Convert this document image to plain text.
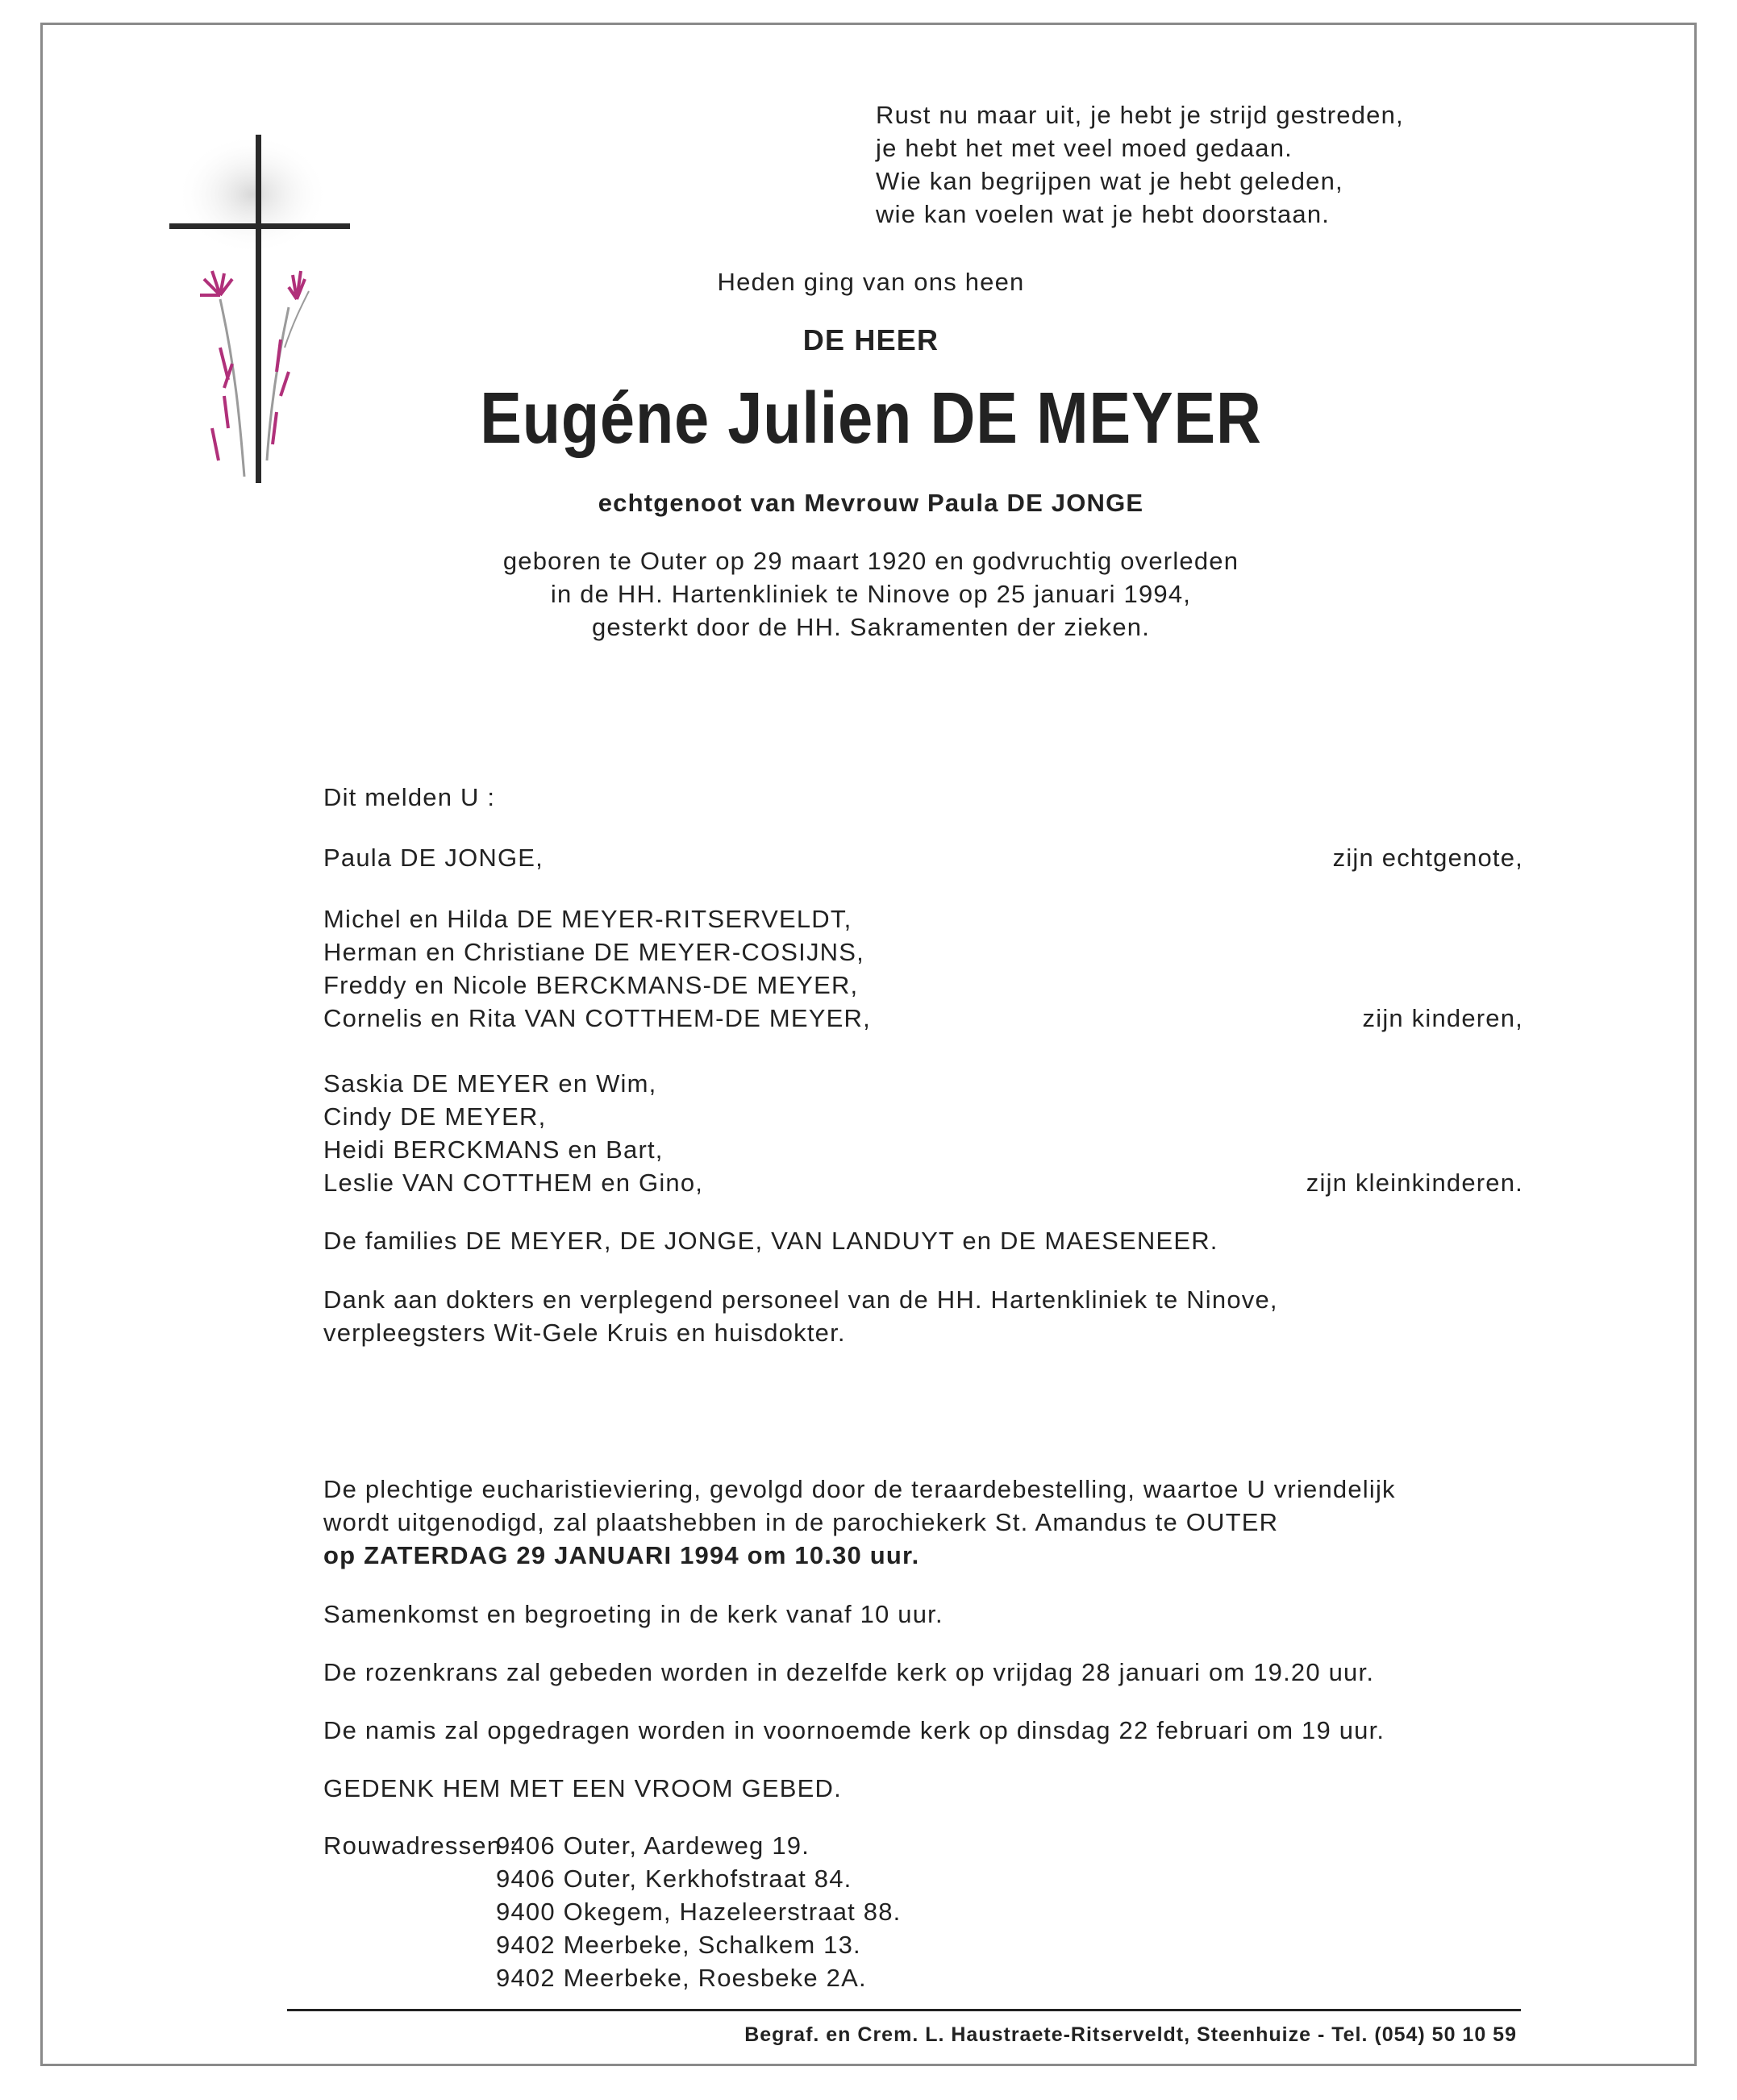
Rust nu maar uit, je hebt je strijd gestreden,
je hebt het met veel moed gedaan.
Wie kan begrijpen wat je hebt geleden,
wie kan voelen wat je hebt doorstaan.
Heden ging van ons heen
DE HEER
Eugéne Julien DE MEYER
echtgenoot van Mevrouw Paula DE JONGE
geboren te Outer op 29 maart 1920 en godvruchtig overleden
in de HH. Hartenkliniek te Ninove op 25 januari 1994,
gesterkt door de HH. Sakramenten der zieken.
Dit melden U :
Paula DE JONGE,	zijn echtgenote,
Michel en Hilda DE MEYER-RITSERVELDT,
Herman en Christiane DE MEYER-COSIJNS,
Freddy en Nicole BERCKMANS-DE MEYER,
Cornelis en Rita VAN COTTHEM-DE MEYER,	zijn kinderen,
Saskia DE MEYER en Wim,
Cindy DE MEYER,
Heidi BERCKMANS en Bart,
Leslie VAN COTTHEM en Gino,	zijn kleinkinderen.
De families DE MEYER, DE JONGE, VAN LANDUYT en DE MAESENEER.
Dank aan dokters en verplegend personeel van de HH. Hartenkliniek te Ninove,
verpleegsters Wit-Gele Kruis en huisdokter.
De plechtige eucharistieviering, gevolgd door de teraardebestelling, waartoe U vriendelijk
wordt uitgenodigd, zal plaatshebben in de parochiekerk St. Amandus te OUTER
op ZATERDAG 29 JANUARI 1994 om 10.30 uur.
Samenkomst en begroeting in de kerk vanaf 10 uur.
De rozenkrans zal gebeden worden in dezelfde kerk op vrijdag 28 januari om 19.20 uur.
De namis zal opgedragen worden in voornoemde kerk op dinsdag 22 februari om 19 uur.
GEDENK HEM MET EEN VROOM GEBED.
Rouwadressen :
9406 Outer, Aardeweg 19.
9406 Outer, Kerkhofstraat 84.
9400 Okegem, Hazeleerstraat 88.
9402 Meerbeke, Schalkem 13.
9402 Meerbeke, Roesbeke 2A.
Begraf. en Crem. L. Haustraete-Ritserveldt, Steenhuize - Tel. (054) 50 10 59
